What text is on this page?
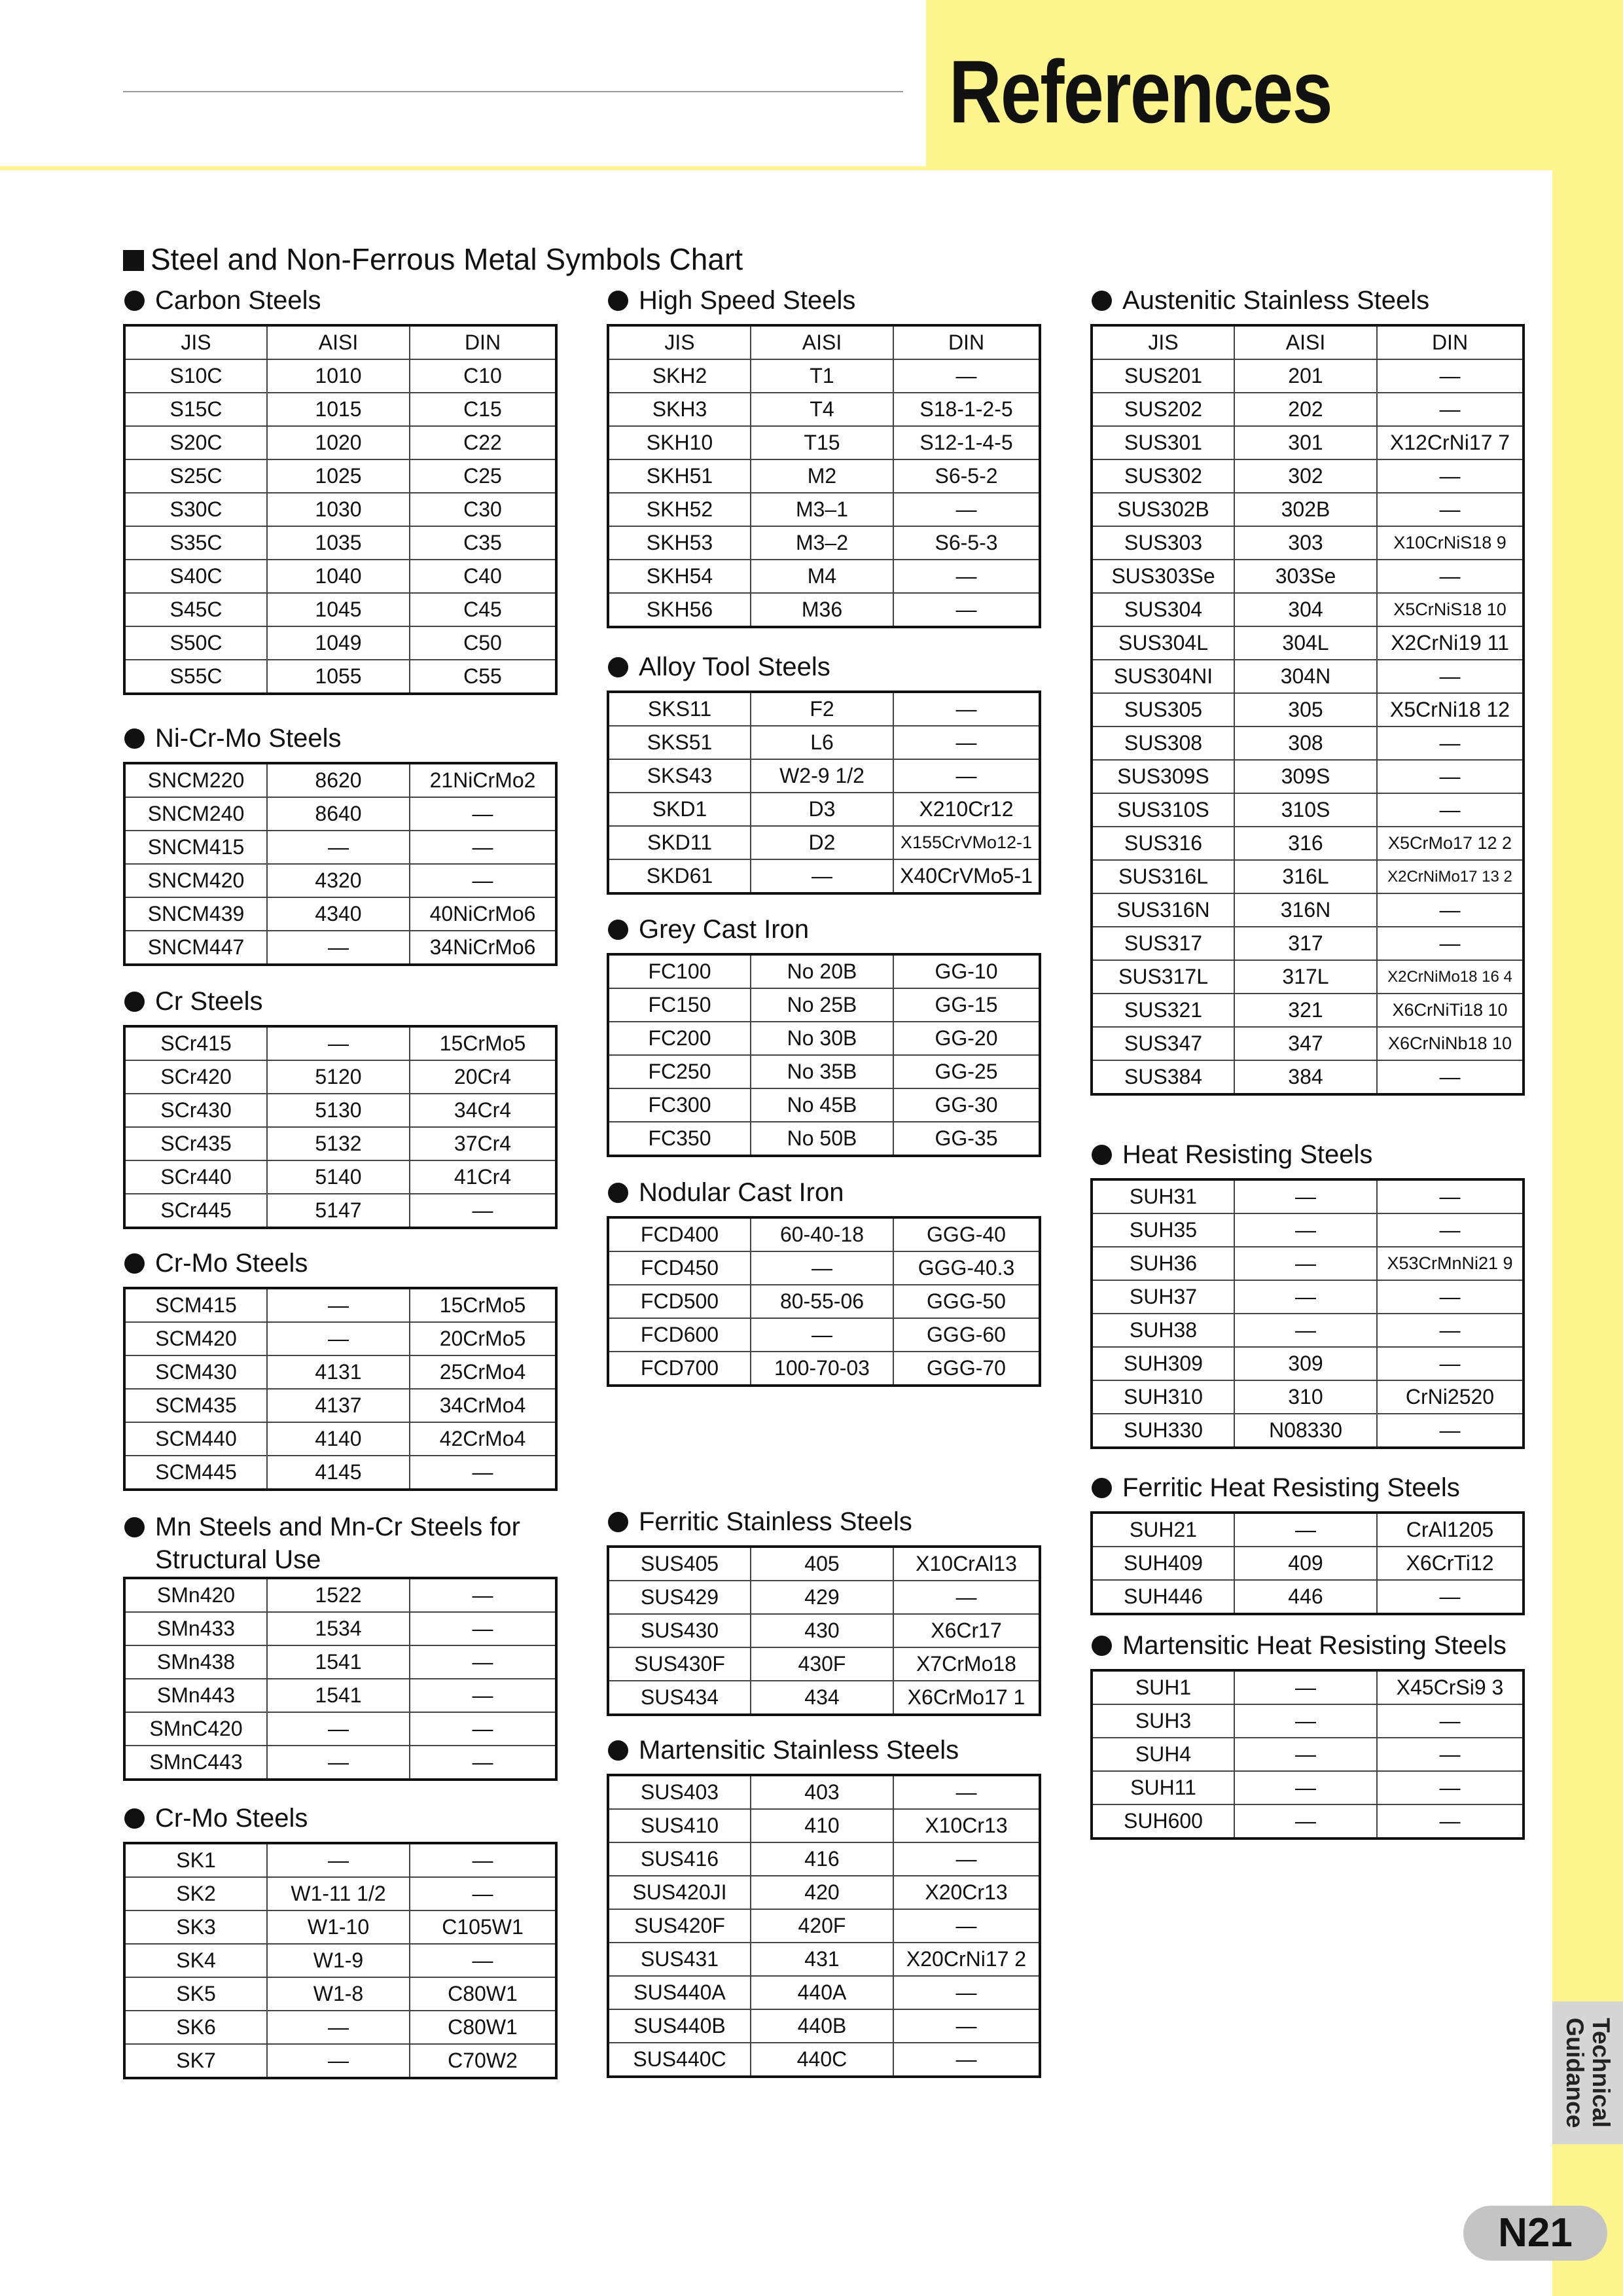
References
Technical
Guidance
N21
Steel and Non-Ferrous Metal Symbols Chart
Carbon Steels
JIS	AISI	DIN
S10C	1010	C10
S15C	1015	C15
S20C	1020	C22
S25C	1025	C25
S30C	1030	C30
S35C	1035	C35
S40C	1040	C40
S45C	1045	C45
S50C	1049	C50
S55C	1055	C55
Ni-Cr-Mo Steels
SNCM220	8620	21NiCrMo2
SNCM240	8640	—
SNCM415	—	—
SNCM420	4320	—
SNCM439	4340	40NiCrMo6
SNCM447	—	34NiCrMo6
Cr Steels
SCr415	—	15CrMo5
SCr420	5120	20Cr4
SCr430	5130	34Cr4
SCr435	5132	37Cr4
SCr440	5140	41Cr4
SCr445	5147	—
Cr-Mo Steels
SCM415	—	15CrMo5
SCM420	—	20CrMo5
SCM430	4131	25CrMo4
SCM435	4137	34CrMo4
SCM440	4140	42CrMo4
SCM445	4145	—
Mn Steels and Mn-Cr Steels for
Structural Use
SMn420	1522	—
SMn433	1534	—
SMn438	1541	—
SMn443	1541	—
SMnC420	—	—
SMnC443	—	—
Cr-Mo Steels
SK1	—	—
SK2	W1-11 1/2	—
SK3	W1-10	C105W1
SK4	W1-9	—
SK5	W1-8	C80W1
SK6	—	C80W1
SK7	—	C70W2
High Speed Steels
JIS	AISI	DIN
SKH2	T1	—
SKH3	T4	S18-1-2-5
SKH10	T15	S12-1-4-5
SKH51	M2	S6-5-2
SKH52	M3–1	—
SKH53	M3–2	S6-5-3
SKH54	M4	—
SKH56	M36	—
Alloy Tool Steels
SKS11	F2	—
SKS51	L6	—
SKS43	W2-9 1/2	—
SKD1	D3	X210Cr12
SKD11	D2	X155CrVMo12-1
SKD61	—	X40CrVMo5-1
Grey Cast Iron
FC100	No 20B	GG-10
FC150	No 25B	GG-15
FC200	No 30B	GG-20
FC250	No 35B	GG-25
FC300	No 45B	GG-30
FC350	No 50B	GG-35
Nodular Cast Iron
FCD400	60-40-18	GGG-40
FCD450	—	GGG-40.3
FCD500	80-55-06	GGG-50
FCD600	—	GGG-60
FCD700	100-70-03	GGG-70
Ferritic Stainless Steels
SUS405	405	X10CrAl13
SUS429	429	—
SUS430	430	X6Cr17
SUS430F	430F	X7CrMo18
SUS434	434	X6CrMo17 1
Martensitic Stainless Steels
SUS403	403	—
SUS410	410	X10Cr13
SUS416	416	—
SUS420JI	420	X20Cr13
SUS420F	420F	—
SUS431	431	X20CrNi17 2
SUS440A	440A	—
SUS440B	440B	—
SUS440C	440C	—
Austenitic Stainless Steels
JIS	AISI	DIN
SUS201	201	—
SUS202	202	—
SUS301	301	X12CrNi17 7
SUS302	302	—
SUS302B	302B	—
SUS303	303	X10CrNiS18 9
SUS303Se	303Se	—
SUS304	304	X5CrNiS18 10
SUS304L	304L	X2CrNi19 11
SUS304NI	304N	—
SUS305	305	X5CrNi18 12
SUS308	308	—
SUS309S	309S	—
SUS310S	310S	—
SUS316	316	X5CrMo17 12 2
SUS316L	316L	X2CrNiMo17 13 2
SUS316N	316N	—
SUS317	317	—
SUS317L	317L	X2CrNiMo18 16 4
SUS321	321	X6CrNiTi18 10
SUS347	347	X6CrNiNb18 10
SUS384	384	—
Heat Resisting Steels
SUH31	—	—
SUH35	—	—
SUH36	—	X53CrMnNi21 9
SUH37	—	—
SUH38	—	—
SUH309	309	—
SUH310	310	CrNi2520
SUH330	N08330	—
Ferritic Heat Resisting Steels
SUH21	—	CrAl1205
SUH409	409	X6CrTi12
SUH446	446	—
Martensitic Heat Resisting Steels
SUH1	—	X45CrSi9 3
SUH3	—	—
SUH4	—	—
SUH11	—	—
SUH600	—	—
